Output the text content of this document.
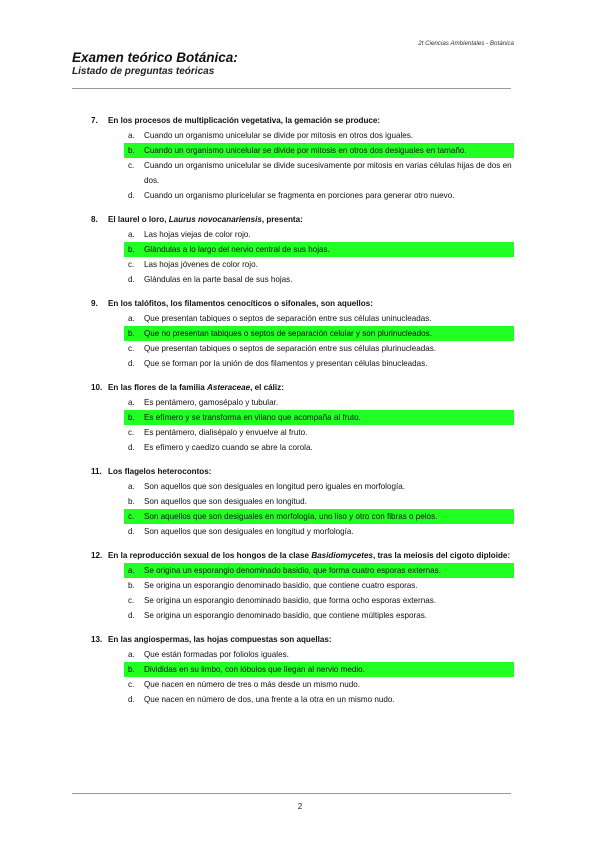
2t Ciencias Ambientales - Botánica
Examen teórico Botánica:
Listado de preguntas teóricas
7. En los procesos de multiplicación vegetativa, la gemación se produce:
a. Cuando un organismo unicelular se divide por mitosis en otros dos iguales.
b. Cuando un organismo unicelular se divide por mitosis en otros dos desiguales en tamaño.
c. Cuando un organismo unicelular se divide sucesivamente por mitosis en varias células hijas de dos en dos.
d. Cuando un organismo pluricelular se fragmenta en porciones para generar otro nuevo.
8. El laurel o loro, Laurus novocanariensis, presenta:
a. Las hojas viejas de color rojo.
b. Glándulas a lo largo del nervio central de sus hojas.
c. Las hojas jóvenes de color rojo.
d. Glándulas en la parte basal de sus hojas.
9. En los talófitos, los filamentos cenocíticos o sifonales, son aquellos:
a. Que presentan tabiques o septos de separación entre sus células uninucleadas.
b. Que no presentan tabiques o septos de separación celular y son plurinucleados.
c. Que presentan tabiques o septos de separación entre sus células plurinucleadas.
d. Que se forman por la unión de dos filamentos y presentan células binucleadas.
10. En las flores de la familia Asteraceae, el cáliz:
a. Es pentámero, gamosépalo y tubular.
b. Es efímero y se transforma en vilano que acompaña al fruto.
c. Es pentámero, dialisépalo y envuelve al fruto.
d. Es efímero y caedizo cuando se abre la corola.
11. Los flagelos heterocontos:
a. Son aquellos que son desiguales en longitud pero iguales en morfología.
b. Son aquellos que son desiguales en longitud.
c. Son aquellos que son desiguales en morfología, uno liso y otro con fibras o pelos.
d. Son aquellos que son desiguales en longitud y morfología.
12. En la reproducción sexual de los hongos de la clase Basidiomycetes, tras la meiosis del cigoto diploide:
a. Se origina un esporangio denominado basidio, que forma cuatro esporas externas.
b. Se origina un esporangio denominado basidio, que contiene cuatro esporas.
c. Se origina un esporangio denominado basidio, que forma ocho esporas externas.
d. Se origina un esporangio denominado basidio, que contiene múltiples esporas.
13. En las angiospermas, las hojas compuestas son aquellas:
a. Que están formadas por foliolos iguales.
b. Divididas en su limbo, con lóbulos que llegan al nervio medio.
c. Que nacen en número de tres o más desde un mismo nudo.
d. Que nacen en número de dos, una frente a la otra en un mismo nudo.
2
